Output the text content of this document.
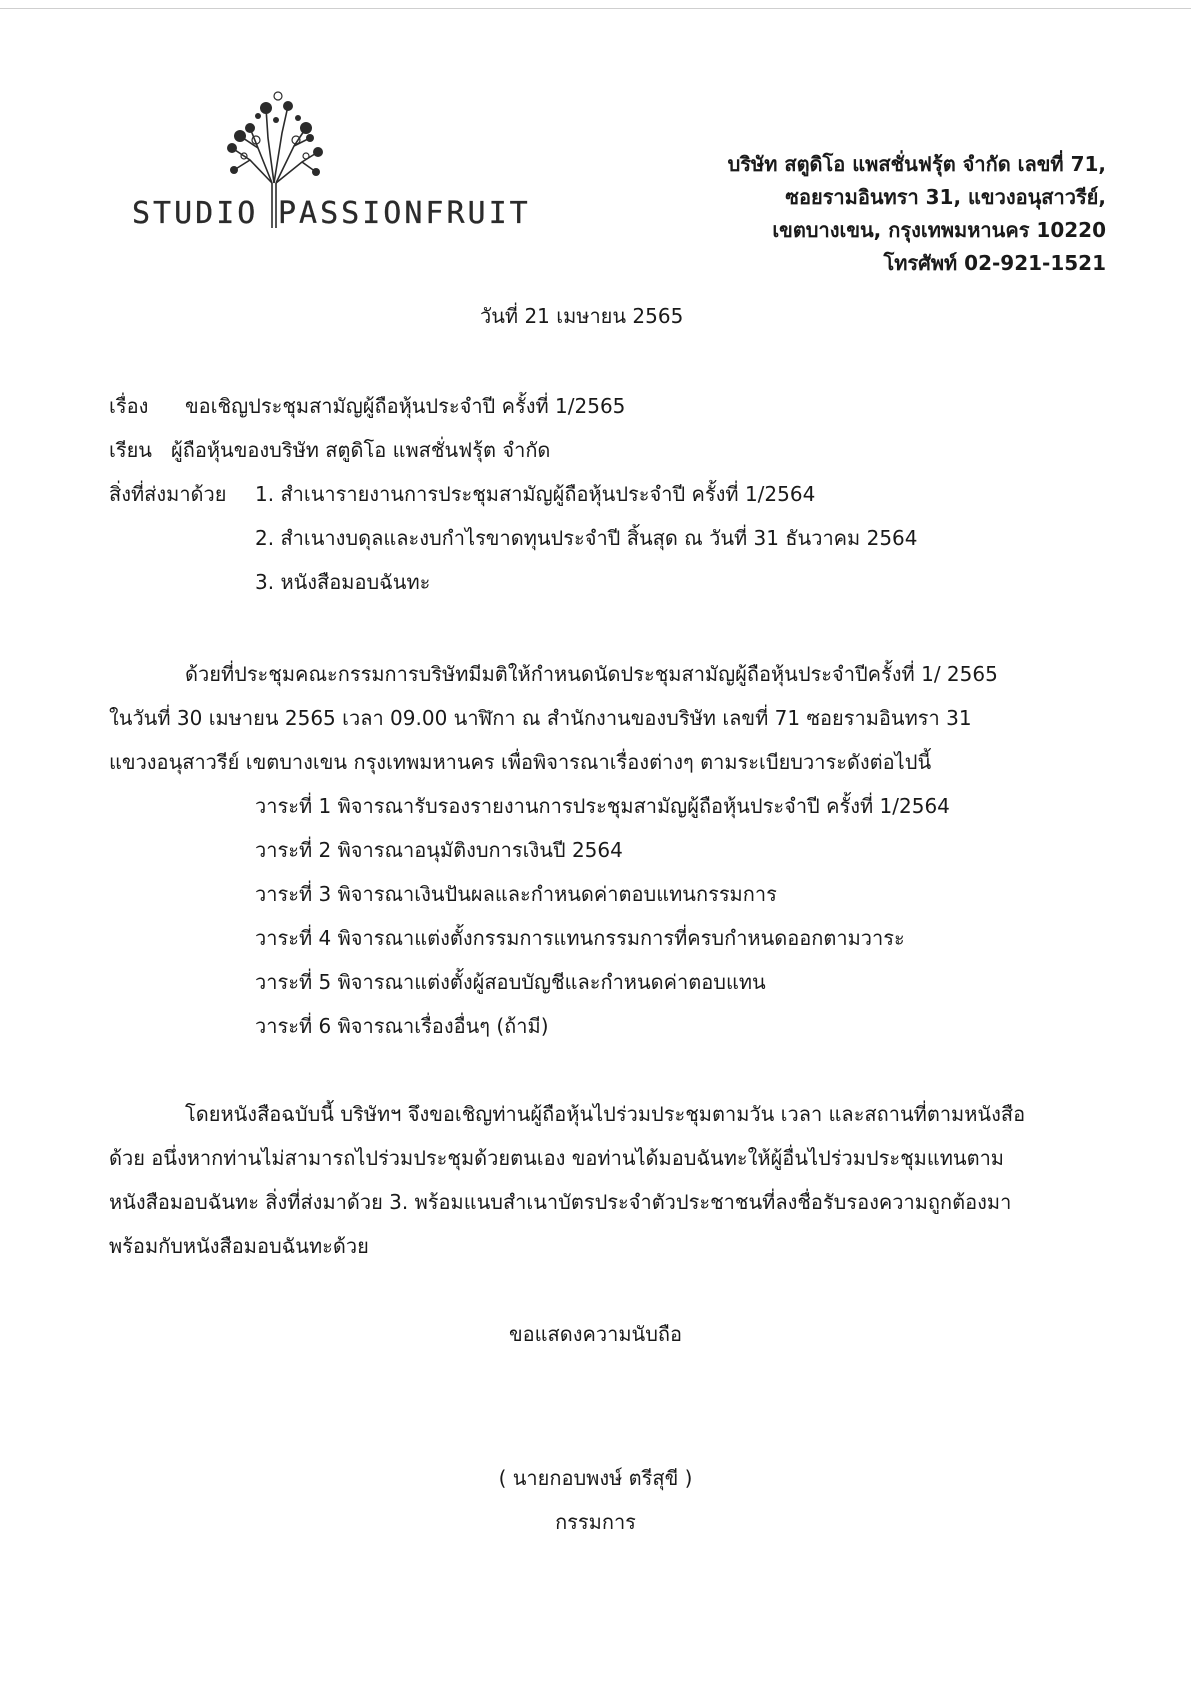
STUDIO PASSIONFRUIT
บริษัท สตูดิโอ แพสชั่นฟรุ้ต จำกัด เลขที่ 71,
ซอยรามอินทรา 31, แขวงอนุสาวรีย์,
เขตบางเขน, กรุงเทพมหานคร 10220
โทรศัพท์ 02-921-1521
วันที่ 21 เมษายน 2565
เรื่อง ขอเชิญประชุมสามัญผู้ถือหุ้นประจำปี ครั้งที่ 1/2565
เรียน ผู้ถือหุ้นของบริษัท สตูดิโอ แพสชั่นฟรุ้ต จำกัด
สิ่งที่ส่งมาด้วย 1. สำเนารายงานการประชุมสามัญผู้ถือหุ้นประจำปี ครั้งที่ 1/2564
2. สำเนางบดุลและงบกำไรขาดทุนประจำปี สิ้นสุด ณ วันที่ 31 ธันวาคม 2564
3. หนังสือมอบฉันทะ
ด้วยที่ประชุมคณะกรรมการบริษัทมีมติให้กำหนดนัดประชุมสามัญผู้ถือหุ้นประจำปีครั้งที่ 1/ 2565
ในวันที่ 30 เมษายน 2565 เวลา 09.00 นาฬิกา ณ สำนักงานของบริษัท เลขที่ 71 ซอยรามอินทรา 31
แขวงอนุสาวรีย์ เขตบางเขน กรุงเทพมหานคร เพื่อพิจารณาเรื่องต่างๆ ตามระเบียบวาระดังต่อไปนี้
วาระที่ 1 พิจารณารับรองรายงานการประชุมสามัญผู้ถือหุ้นประจำปี ครั้งที่ 1/2564
วาระที่ 2 พิจารณาอนุมัติงบการเงินปี 2564
วาระที่ 3 พิจารณาเงินปันผลและกำหนดค่าตอบแทนกรรมการ
วาระที่ 4 พิจารณาแต่งตั้งกรรมการแทนกรรมการที่ครบกำหนดออกตามวาระ
วาระที่ 5 พิจารณาแต่งตั้งผู้สอบบัญชีและกำหนดค่าตอบแทน
วาระที่ 6 พิจารณาเรื่องอื่นๆ (ถ้ามี)
โดยหนังสือฉบับนี้ บริษัทฯ จึงขอเชิญท่านผู้ถือหุ้นไปร่วมประชุมตามวัน เวลา และสถานที่ตามหนังสือ
ด้วย อนึ่งหากท่านไม่สามารถไปร่วมประชุมด้วยตนเอง ขอท่านได้มอบฉันทะให้ผู้อื่นไปร่วมประชุมแทนตาม
หนังสือมอบฉันทะ สิ่งที่ส่งมาด้วย 3. พร้อมแนบสำเนาบัตรประจำตัวประชาชนที่ลงชื่อรับรองความถูกต้องมา
พร้อมกับหนังสือมอบฉันทะด้วย
ขอแสดงความนับถือ
( นายกอบพงษ์ ตรีสุขี )
กรรมการ
